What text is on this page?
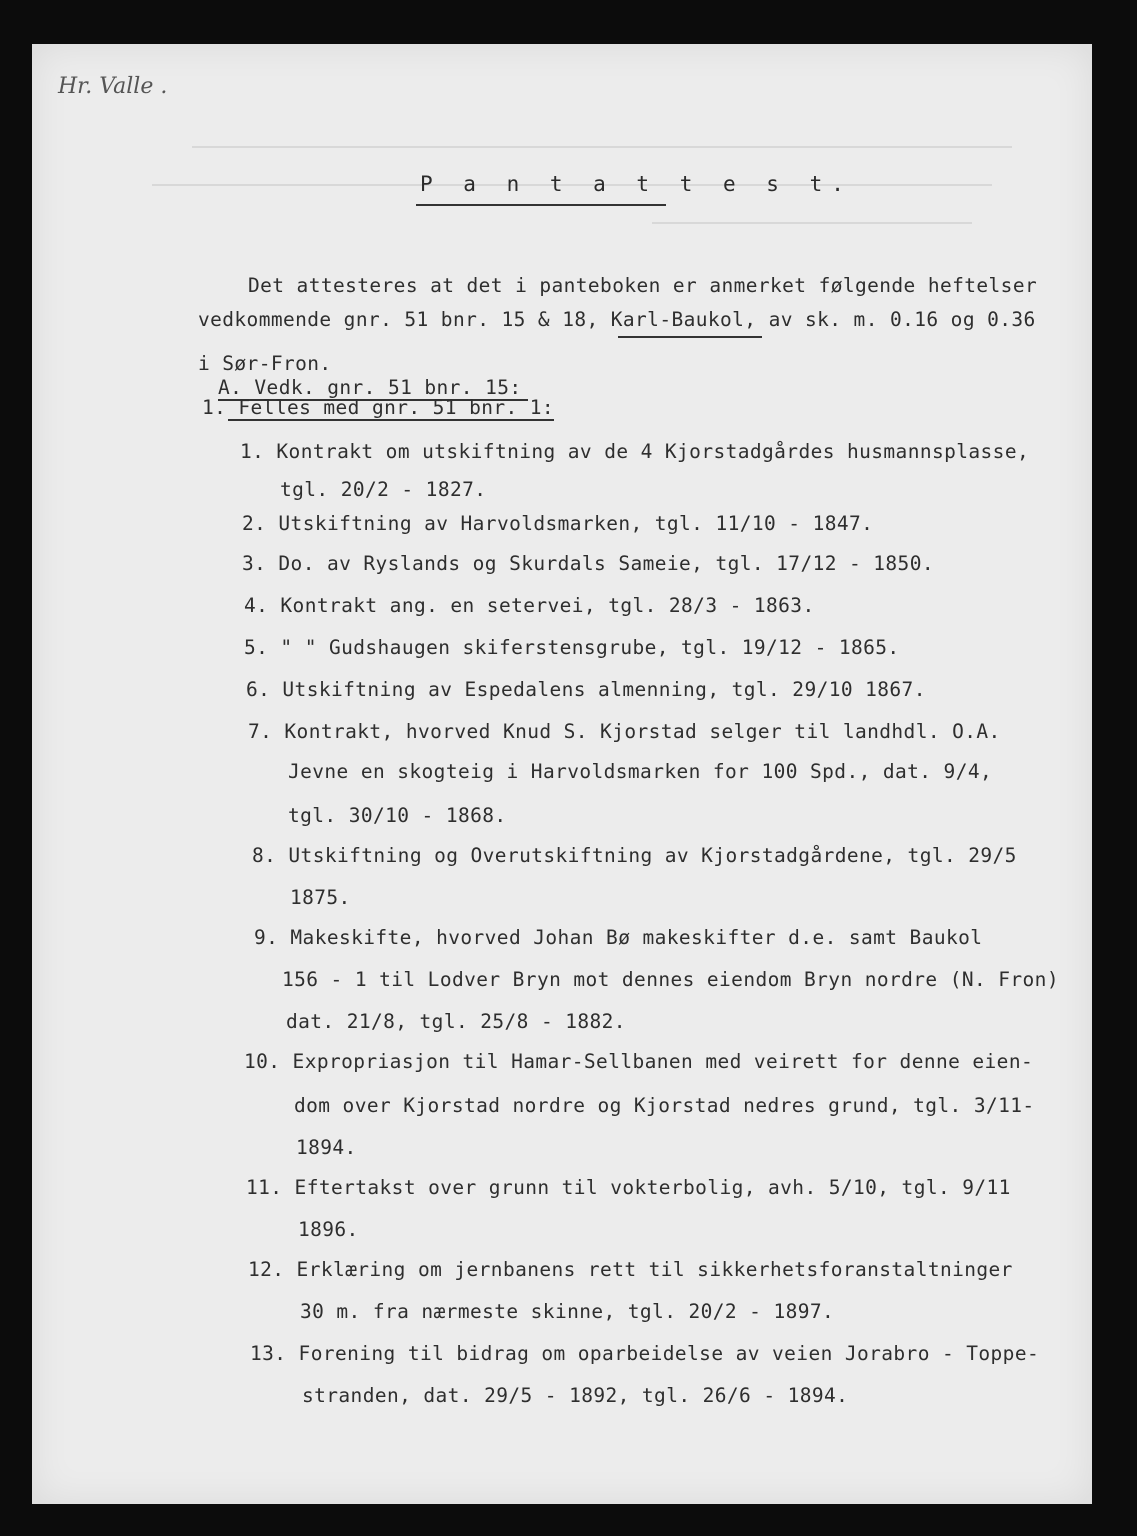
Hr. Valle .
P a n t a t t e s t.
Det attesteres at det i panteboken er anmerket følgende heftelser
vedkommende gnr. 51 bnr. 15 & 18, Karl-Baukol, av sk. m. 0.16 og 0.36
i Sør-Fron.
A. Vedk. gnr. 51 bnr. 15:
1. Felles med gnr. 51 bnr. 1:
1. Kontrakt om utskiftning av de 4 Kjorstadgårdes husmannsplasse,
tgl. 20/2 - 1827.
2. Utskiftning av Harvoldsmarken, tgl. 11/10 - 1847.
3. Do. av Ryslands og Skurdals Sameie, tgl. 17/12 - 1850.
4. Kontrakt ang. en setervei, tgl. 28/3 - 1863.
5. " " Gudshaugen skiferstensgrube, tgl. 19/12 - 1865.
6. Utskiftning av Espedalens almenning, tgl. 29/10 1867.
7. Kontrakt, hvorved Knud S. Kjorstad selger til landhdl. O.A.
Jevne en skogteig i Harvoldsmarken for 100 Spd., dat. 9/4,
tgl. 30/10 - 1868.
8. Utskiftning og Overutskiftning av Kjorstadgårdene, tgl. 29/5
1875.
9. Makeskifte, hvorved Johan Bø makeskifter d.e. samt Baukol
156 - 1 til Lodver Bryn mot dennes eiendom Bryn nordre (N. Fron)
dat. 21/8, tgl. 25/8 - 1882.
10. Expropriasjon til Hamar-Sellbanen med veirett for denne eien-
dom over Kjorstad nordre og Kjorstad nedres grund, tgl. 3/11-
1894.
11. Eftertakst over grunn til vokterbolig, avh. 5/10, tgl. 9/11
1896.
12. Erklæring om jernbanens rett til sikkerhetsforanstaltninger
30 m. fra nærmeste skinne, tgl. 20/2 - 1897.
13. Forening til bidrag om oparbeidelse av veien Jorabro - Toppe-
stranden, dat. 29/5 - 1892, tgl. 26/6 - 1894.
